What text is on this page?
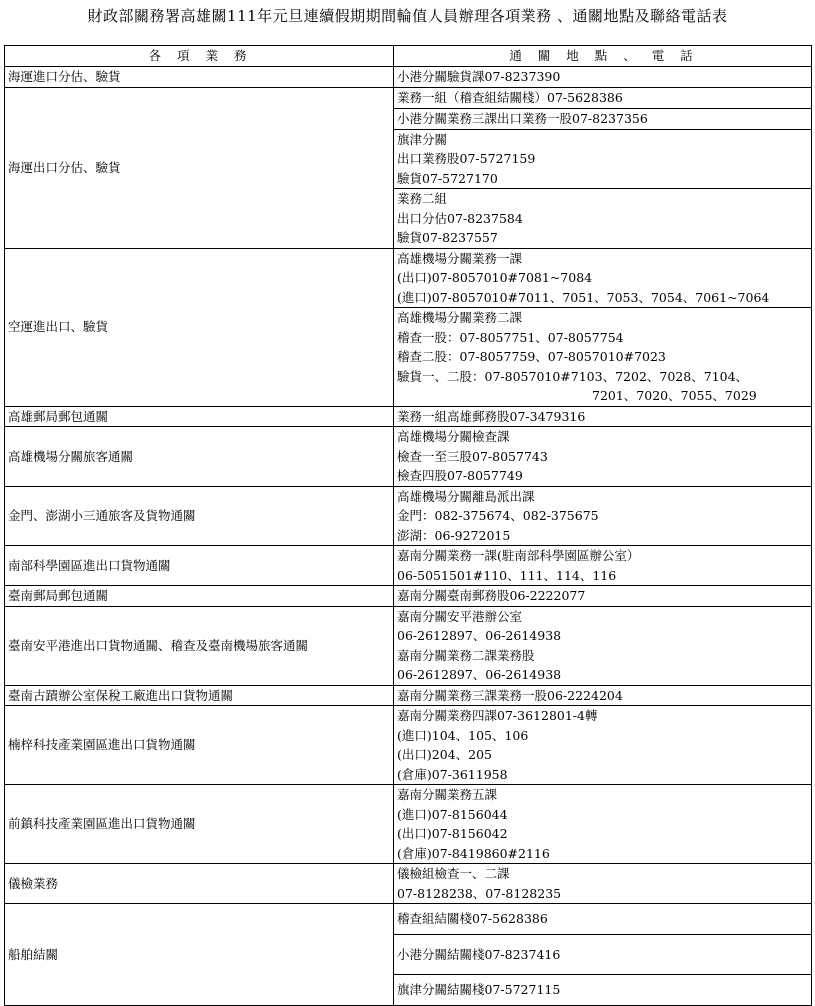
財政部關務署高雄關111年元旦連續假期期間輪值人員辦理各項業務 、通關地點及聯絡電話表
各 項 業 務	通 關 地 點 、 電 話
海運進口分估、驗貨	小港分關驗貨課07-8237390

海運出口分估、驗貨	業務一組（稽查組結關棧）07-5628386

	小港分關業務三課出口業務一股07-8237356

	旗津分關
出口業務股07-5727159
驗貨07-5727170

	業務二組
出口分估07-8237584
驗貨07-8237557

空運進出口、驗貨	高雄機場分關業務一課
(出口)07-8057010#7081~7084
(進口)07-8057010#7011、7051、7053、7054、7061~7064

	高雄機場分關業務二課
稽查一股：07-8057751、07-8057754
稽查二股：07-8057759、07-8057010#7023
驗貨一、二股：07-8057010#7103、7202、7028、7104、
7201、7020、7055、7029

高雄郵局郵包通關	業務一組高雄郵務股07-3479316

高雄機場分關旅客通關	高雄機場分關檢查課
檢查一至三股07-8057743
檢查四股07-8057749

金門、澎湖小三通旅客及貨物通關	高雄機場分關離島派出課
金門：082-375674、082-375675
澎湖：06-9272015

南部科學園區進出口貨物通關	嘉南分關業務一課(駐南部科學園區辦公室）
06-5051501#110、111、114、116

臺南郵局郵包通關	嘉南分關臺南郵務股06-2222077

臺南安平港進出口貨物通關、稽查及臺南機場旅客通關	嘉南分關安平港辦公室
06-2612897、06-2614938
嘉南分關業務二課業務股
06-2612897、06-2614938

臺南古蹟辦公室保稅工廠進出口貨物通關	嘉南分關業務三課業務一股06-2224204

楠梓科技產業園區進出口貨物通關	嘉南分關業務四課07-3612801-4轉
(進口)104、105、106
(出口)204、205
(倉庫)07-3611958

前鎮科技產業園區進出口貨物通關	嘉南分關業務五課
(進口)07-8156044
(出口)07-8156042
(倉庫)07-8419860#2116

儀檢業務	儀檢組檢查一、二課
07-8128238、07-8128235

船舶結關	稽查組結關棧07-5628386

	小港分關結關棧07-8237416

	旗津分關結關棧07-5727115
